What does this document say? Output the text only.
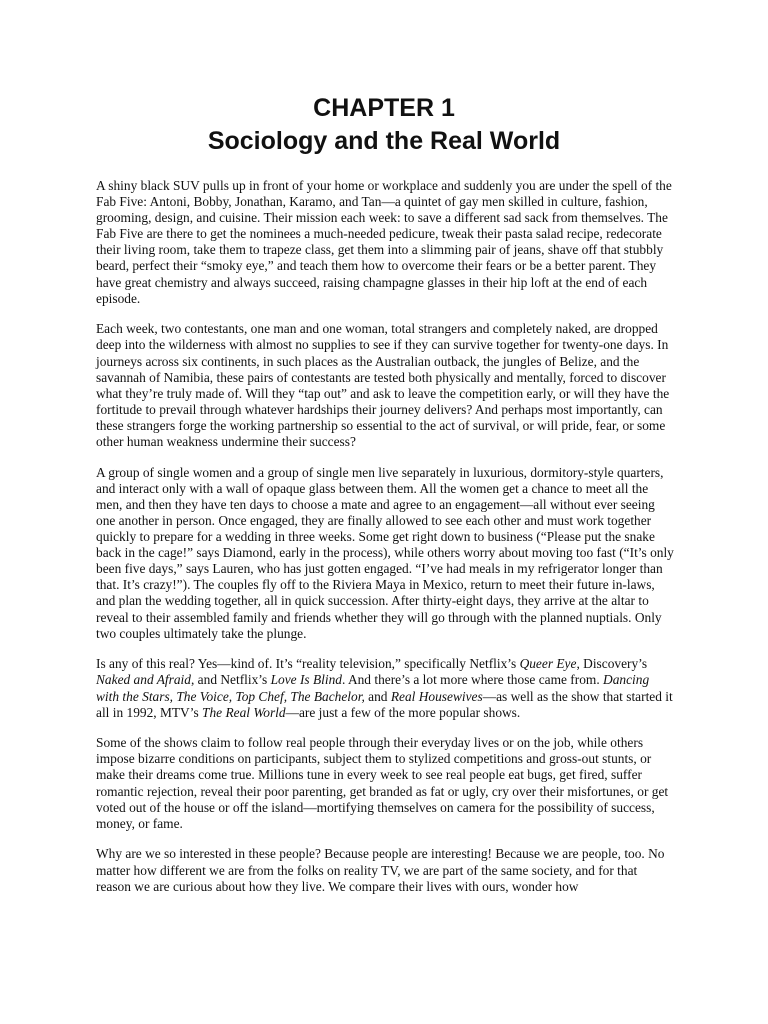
CHAPTER 1
Sociology and the Real World

A shiny black SUV pulls up in front of your home or workplace and suddenly you are under the spell of the Fab Five: Antoni, Bobby, Jonathan, Karamo, and Tan—a quintet of gay men skilled in culture, fashion, grooming, design, and cuisine. Their mission each week: to save a different sad sack from themselves. The Fab Five are there to get the nominees a much-needed pedicure, tweak their pasta salad recipe, redecorate their living room, take them to trapeze class, get them into a slimming pair of jeans, shave off that stubbly beard, perfect their “smoky eye,” and teach them how to overcome their fears or be a better parent. They have great chemistry and always succeed, raising champagne glasses in their hip loft at the end of each episode.

Each week, two contestants, one man and one woman, total strangers and completely naked, are dropped deep into the wilderness with almost no supplies to see if they can survive together for twenty-one days. In journeys across six continents, in such places as the Australian outback, the jungles of Belize, and the savannah of Namibia, these pairs of contestants are tested both physically and mentally, forced to discover what they’re truly made of. Will they “tap out” and ask to leave the competition early, or will they have the fortitude to prevail through whatever hardships their journey delivers? And perhaps most importantly, can these strangers forge the working partnership so essential to the act of survival, or will pride, fear, or some other human weakness undermine their success?

A group of single women and a group of single men live separately in luxurious, dormitory-style quarters, and interact only with a wall of opaque glass between them. All the women get a chance to meet all the men, and then they have ten days to choose a mate and agree to an engagement—all without ever seeing one another in person. Once engaged, they are finally allowed to see each other and must work together quickly to prepare for a wedding in three weeks. Some get right down to business (“Please put the snake back in the cage!” says Diamond, early in the process), while others worry about moving too fast (“It’s only been five days,” says Lauren, who has just gotten engaged. “I’ve had meals in my refrigerator longer than that. It’s crazy!”). The couples fly off to the Riviera Maya in Mexico, return to meet their future in-laws, and plan the wedding together, all in quick succession. After thirty-eight days, they arrive at the altar to reveal to their assembled family and friends whether they will go through with the planned nuptials. Only two couples ultimately take the plunge.

Is any of this real? Yes—kind of. It’s “reality television,” specifically Netflix’s Queer Eye, Discovery’s Naked and Afraid, and Netflix’s Love Is Blind. And there’s a lot more where those came from. Dancing with the Stars, The Voice, Top Chef, The Bachelor, and Real Housewives—as well as the show that started it all in 1992, MTV’s The Real World—are just a few of the more popular shows.

Some of the shows claim to follow real people through their everyday lives or on the job, while others impose bizarre conditions on participants, subject them to stylized competitions and gross-out stunts, or make their dreams come true. Millions tune in every week to see real people eat bugs, get fired, suffer romantic rejection, reveal their poor parenting, get branded as fat or ugly, cry over their misfortunes, or get voted out of the house or off the island—mortifying themselves on camera for the possibility of success, money, or fame.

Why are we so interested in these people? Because people are interesting! Because we are people, too. No matter how different we are from the folks on reality TV, we are part of the same society, and for that reason we are curious about how they live. We compare their lives with ours, wonder how
